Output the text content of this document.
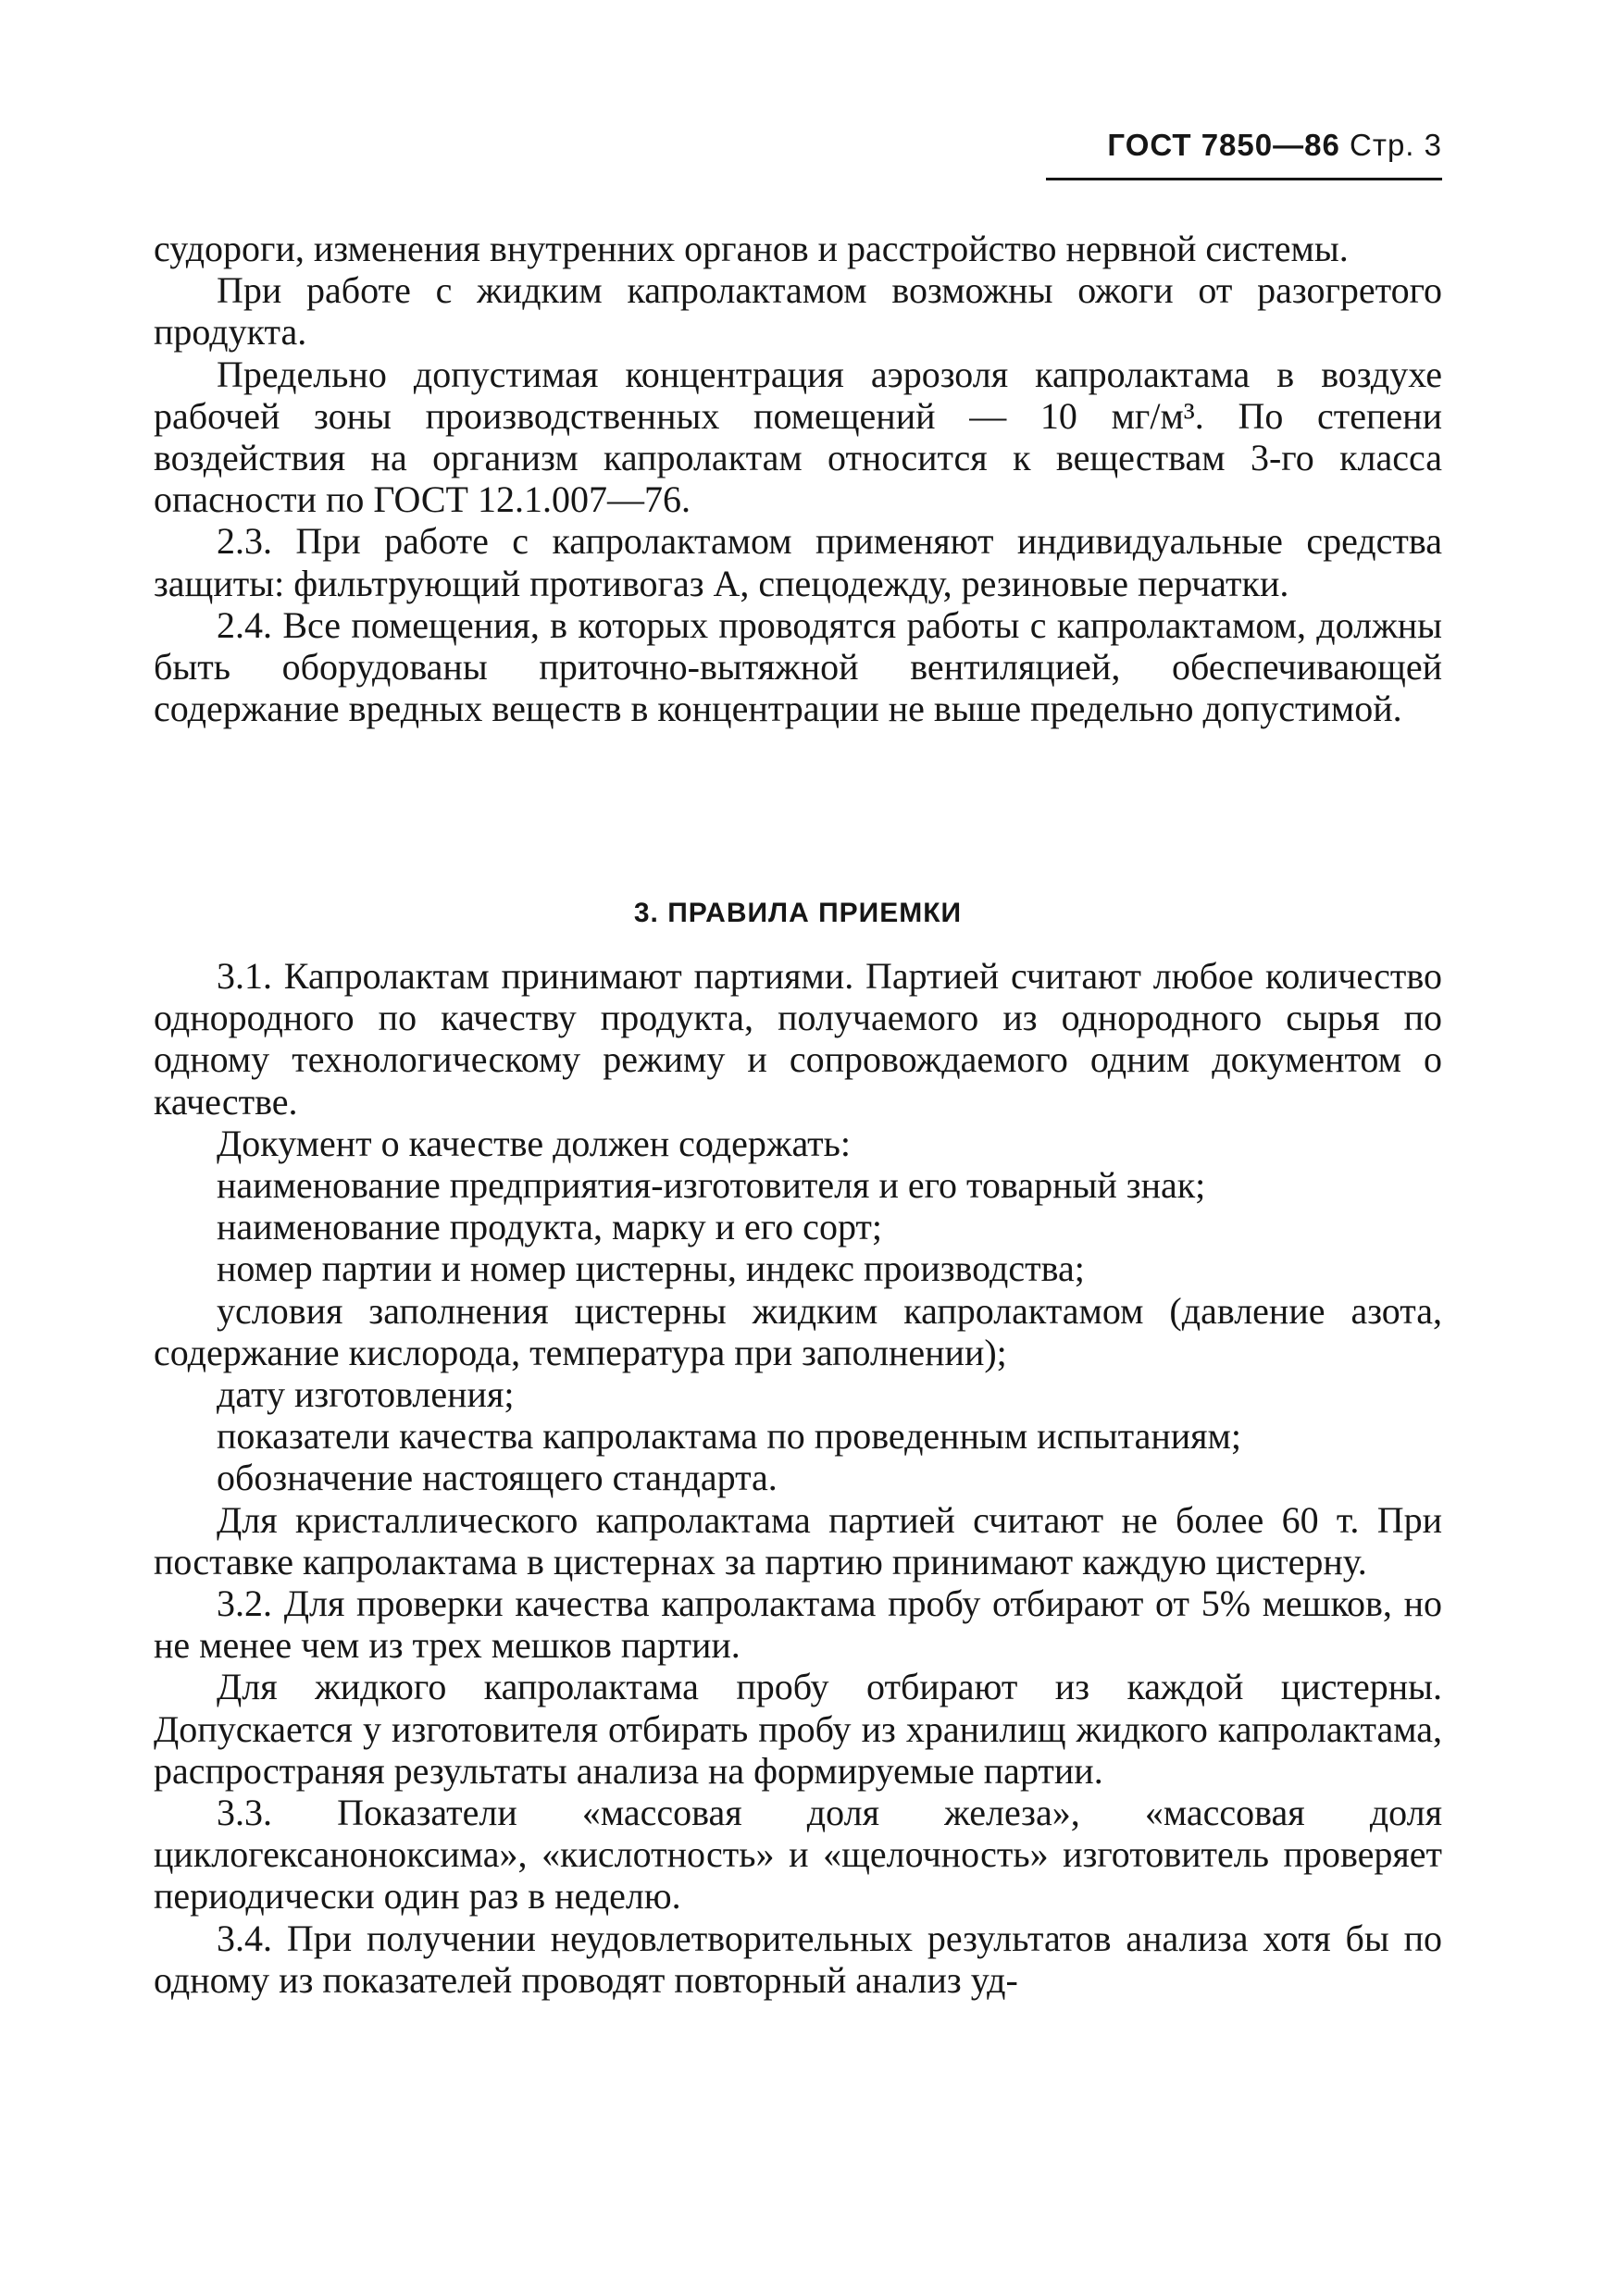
ГОСТ 7850—86 Стр. 3

судороги, изменения внутренних органов и расстройство нервной системы.

При работе с жидким капролактамом возможны ожоги от разогретого продукта.

Предельно допустимая концентрация аэрозоля капролактама в воздухе рабочей зоны производственных помещений — 10 мг/м³. По степени воздействия на организм капролактам относится к веществам 3-го класса опасности по ГОСТ 12.1.007—76.

2.3. При работе с капролактамом применяют индивидуальные средства защиты: фильтрующий противогаз А, спецодежду, резиновые перчатки.

2.4. Все помещения, в которых проводятся работы с капролактамом, должны быть оборудованы приточно-вытяжной вентиляцией, обеспечивающей содержание вредных веществ в концентрации не выше предельно допустимой.

3. ПРАВИЛА ПРИЕМКИ

3.1. Капролактам принимают партиями. Партией считают любое количество однородного по качеству продукта, получаемого из однородного сырья по одному технологическому режиму и сопровождаемого одним документом о качестве.

Документ о качестве должен содержать:

наименование предприятия-изготовителя и его товарный знак;

наименование продукта, марку и его сорт;

номер партии и номер цистерны, индекс производства;

условия заполнения цистерны жидким капролактамом (давление азота, содержание кислорода, температура при заполнении);

дату изготовления;

показатели качества капролактама по проведенным испытаниям;

обозначение настоящего стандарта.

Для кристаллического капролактама партией считают не более 60 т. При поставке капролактама в цистернах за партию принимают каждую цистерну.

3.2. Для проверки качества капролактама пробу отбирают от 5% мешков, но не менее чем из трех мешков партии.

Для жидкого капролактама пробу отбирают из каждой цистерны. Допускается у изготовителя отбирать пробу из хранилищ жидкого капролактама, распространяя результаты анализа на формируемые партии.

3.3. Показатели «массовая доля железа», «массовая доля циклогексаноноксима», «кислотность» и «щелочность» изготовитель проверяет периодически один раз в неделю.

3.4. При получении неудовлетворительных результатов анализа хотя бы по одному из показателей проводят повторный анализ уд-
